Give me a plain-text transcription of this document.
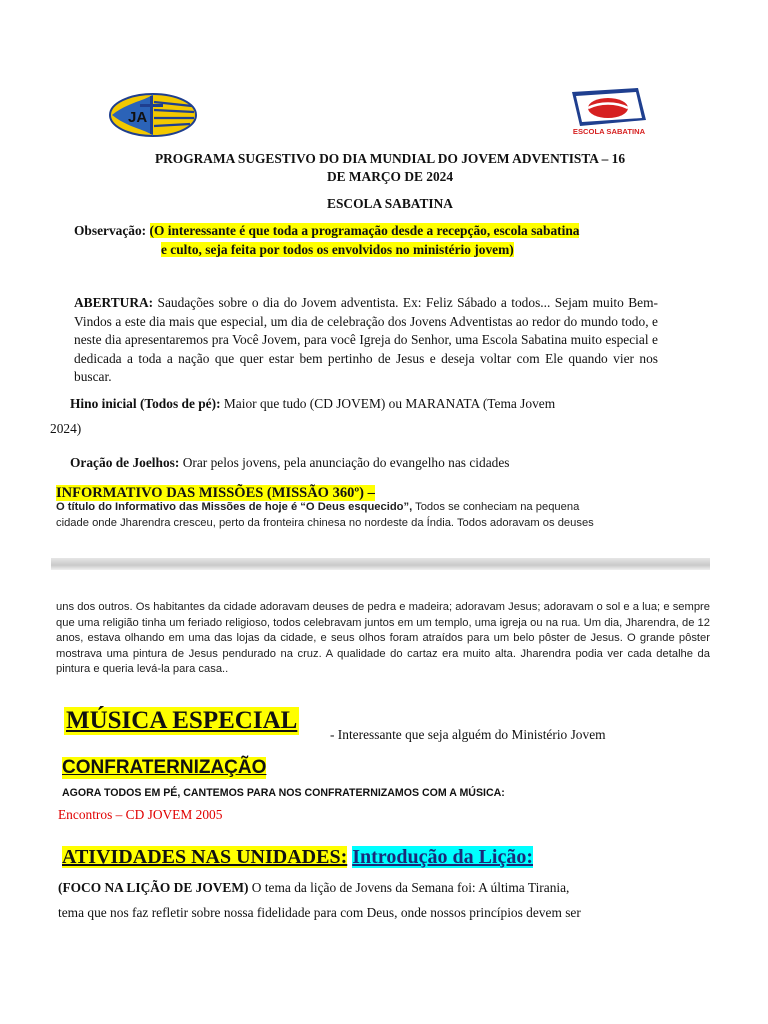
JA
ESCOLA SABATINA
PROGRAMA SUGESTIVO DO DIA MUNDIAL DO JOVEM ADVENTISTA – 16
DE MARÇO DE 2024
ESCOLA SABATINA
Observação: (O interessante é que toda a programação desde a recepção, escola sabatina
e culto, seja feita por todos os envolvidos no ministério jovem)
ABERTURA: Saudações sobre o dia do Jovem adventista. Ex: Feliz Sábado a todos... Sejam muito Bem-Vindos a este dia mais que especial, um dia de celebração dos Jovens Adventistas ao redor do mundo todo, e neste dia apresentaremos pra Você Jovem, para você Igreja do Senhor, uma Escola Sabatina muito especial e dedicada a toda a nação que quer estar bem pertinho de Jesus e deseja voltar com Ele quando vier nos buscar.
Hino inicial (Todos de pé): Maior que tudo (CD JOVEM) ou MARANATA (Tema Jovem
2024)
Oração de Joelhos: Orar pelos jovens, pela anunciação do evangelho nas cidades
INFORMATIVO DAS MISSÕES (MISSÃO 360º) –
O título do Informativo das Missões de hoje é “O Deus esquecido”, Todos se conheciam na pequena
cidade onde Jharendra cresceu, perto da fronteira chinesa no nordeste da Índia. Todos adoravam os deuses
uns dos outros. Os habitantes da cidade adoravam deuses de pedra e madeira; adoravam Jesus; adoravam o sol e a lua; e sempre que uma religião tinha um feriado religioso, todos celebravam juntos em um templo, uma igreja ou na rua. Um dia, Jharendra, de 12 anos, estava olhando em uma das lojas da cidade, e seus olhos foram atraídos para um belo pôster de Jesus. O grande pôster mostrava uma pintura de Jesus pendurado na cruz. A qualidade do cartaz era muito alta. Jharendra podia ver cada detalhe da pintura e queria levá-la para casa..
MÚSICA ESPECIAL
- Interessante que seja alguém do Ministério Jovem
CONFRATERNIZAÇÃO
AGORA TODOS EM PÉ, CANTEMOS PARA NOS CONFRATERNIZAMOS COM A MÚSICA:
Encontros – CD JOVEM 2005
ATIVIDADES NAS UNIDADES: Introdução da Lição:
(FOCO NA LIÇÃO DE JOVEM) O tema da lição de Jovens da Semana foi: A última Tirania,
tema que nos faz refletir sobre nossa fidelidade para com Deus, onde nossos princípios devem ser
